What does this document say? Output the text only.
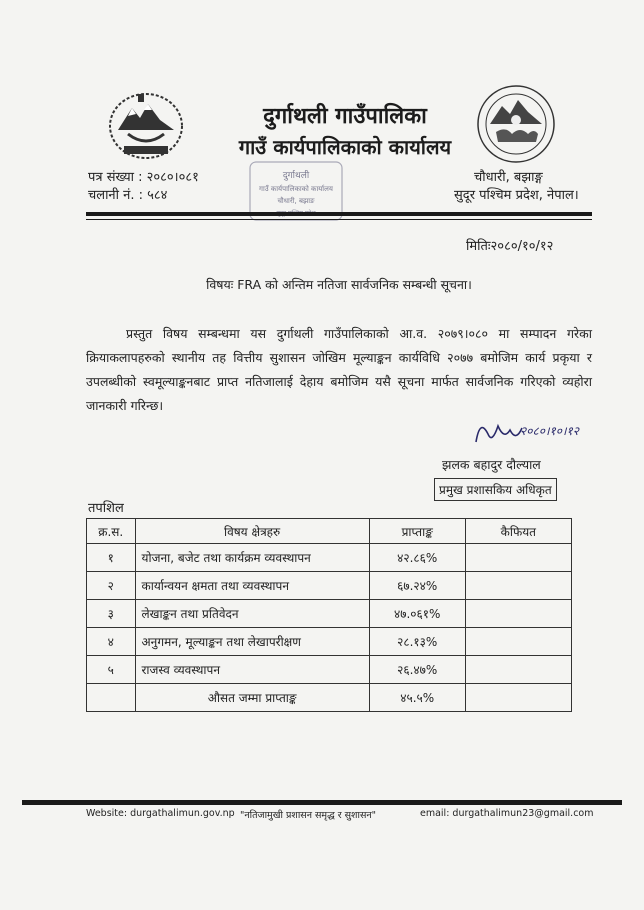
दुर्गाथली गाउँपालिका
गाउँ कार्यपालिकाको कार्यालय
पत्र संख्या : २०८०।०८१
चलानी नं. : ५८४
चौधारी, बझाङ्ग
सुदूर पश्चिम प्रदेश, नेपाल।
दुर्गाथली
गाउँ कार्यपालिकाको कार्यालय
चौधारी, बझाङ
मितिः२०८०/१०/१२
विषयः FRA को अन्तिम नतिजा सार्वजनिक सम्बन्धी सूचना।
प्रस्तुत विषय सम्बन्धमा यस दुर्गाथली गाउँपालिकाको आ.व. २०७९।०८० मा सम्पादन गरेका क्रियाकलापहरुको स्थानीय तह वित्तीय सुशासन जोखिम मूल्याङ्कन कार्यविधि २०७७ बमोजिम कार्य प्रकृया र उपलब्धीको स्वमूल्याङ्कनबाट प्राप्त नतिजालाई देहाय बमोजिम यसै सूचना मार्फत सार्वजनिक गरिएको व्यहोरा जानकारी गरिन्छ।
२०८०।१०।१२
झलक बहादुर दौल्याल
प्रमुख प्रशासकिय अधिकृत
तपशिल
क्र.स.	विषय क्षेत्रहरु	प्राप्ताङ्क	कैफियत
१	योजना, बजेट तथा कार्यक्रम व्यवस्थापन	४२.८६%	
२	कार्यान्वयन क्षमता तथा व्यवस्थापन	६७.२४%	
३	लेखाङ्कन तथा प्रतिवेदन	४७.०६१%	
४	अनुगमन, मूल्याङ्कन तथा लेखापरीक्षण	२८.१३%	
५	राजस्व व्यवस्थापन	२६.४७%	
	औसत जम्मा प्राप्ताङ्क	४५.५%	
Website: durgathalimun.gov.np "नतिजामुखी प्रशासन समृद्ध र सुशासन"	email: durgathalimun23@gmail.com
